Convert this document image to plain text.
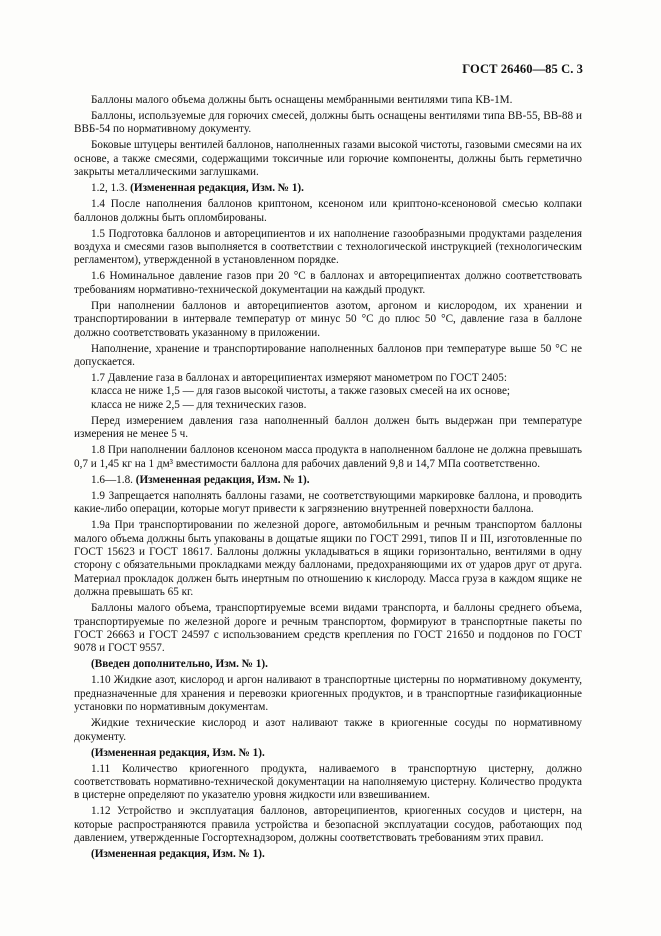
ГОСТ 26460—85 С. 3

Баллоны малого объема должны быть оснащены мембранными вентилями типа КВ-1М.

Баллоны, используемые для горючих смесей, должны быть оснащены вентилями типа ВВ-55, ВВ-88 и ВВБ-54 по нормативному документу.

Боковые штуцеры вентилей баллонов, наполненных газами высокой чистоты, газовыми смесями на их основе, а также смесями, содержащими токсичные или горючие компоненты, должны быть герметично закрыты металлическими заглушками.

1.2, 1.3. (Измененная редакция, Изм. № 1).

1.4 После наполнения баллонов криптоном, ксеноном или криптоно-ксеноновой смесью колпаки баллонов должны быть опломбированы.

1.5 Подготовка баллонов и автореципиентов и их наполнение газообразными продуктами разделения воздуха и смесями газов выполняется в соответствии с технологической инструкцией (технологическим регламентом), утвержденной в установленном порядке.

1.6 Номинальное давление газов при 20 °С в баллонах и автореципиентах должно соответствовать требованиям нормативно-технической документации на каждый продукт.

При наполнении баллонов и автореципиентов азотом, аргоном и кислородом, их хранении и транспортировании в интервале температур от минус 50 °С до плюс 50 °С, давление газа в баллоне должно соответствовать указанному в приложении.

Наполнение, хранение и транспортирование наполненных баллонов при температуре выше 50 °С не допускается.

1.7 Давление газа в баллонах и автореципиентах измеряют манометром по ГОСТ 2405:

класса не ниже 1,5 — для газов высокой чистоты, а также газовых смесей на их основе;

класса не ниже 2,5 — для технических газов.

Перед измерением давления газа наполненный баллон должен быть выдержан при температуре измерения не менее 5 ч.

1.8 При наполнении баллонов ксеноном масса продукта в наполненном баллоне не должна превышать 0,7 и 1,45 кг на 1 дм³ вместимости баллона для рабочих давлений 9,8 и 14,7 МПа соответственно.

1.6—1.8. (Измененная редакция, Изм. № 1).

1.9 Запрещается наполнять баллоны газами, не соответствующими маркировке баллона, и проводить какие-либо операции, которые могут привести к загрязнению внутренней поверхности баллона.

1.9а При транспортировании по железной дороге, автомобильным и речным транспортом баллоны малого объема должны быть упакованы в дощатые ящики по ГОСТ 2991, типов II и III, изготовленные по ГОСТ 15623 и ГОСТ 18617. Баллоны должны укладываться в ящики горизонтально, вентилями в одну сторону с обязательными прокладками между баллонами, предохраняющими их от ударов друг от друга. Материал прокладок должен быть инертным по отношению к кислороду. Масса груза в каждом ящике не должна превышать 65 кг.

Баллоны малого объема, транспортируемые всеми видами транспорта, и баллоны среднего объема, транспортируемые по железной дороге и речным транспортом, формируют в транспортные пакеты по ГОСТ 26663 и ГОСТ 24597 с использованием средств крепления по ГОСТ 21650 и поддонов по ГОСТ 9078 и ГОСТ 9557.

(Введен дополнительно, Изм. № 1).

1.10 Жидкие азот, кислород и аргон наливают в транспортные цистерны по нормативному документу, предназначенные для хранения и перевозки криогенных продуктов, и в транспортные газификационные установки по нормативным документам.

Жидкие технические кислород и азот наливают также в криогенные сосуды по нормативному документу.

(Измененная редакция, Изм. № 1).

1.11 Количество криогенного продукта, наливаемого в транспортную цистерну, должно соответствовать нормативно-технической документации на наполняемую цистерну. Количество продукта в цистерне определяют по указателю уровня жидкости или взвешиванием.

1.12 Устройство и эксплуатация баллонов, автореципиентов, криогенных сосудов и цистерн, на которые распространяются правила устройства и безопасной эксплуатации сосудов, работающих под давлением, утвержденные Госгортехнадзором, должны соответствовать требованиям этих правил.

(Измененная редакция, Изм. № 1).
